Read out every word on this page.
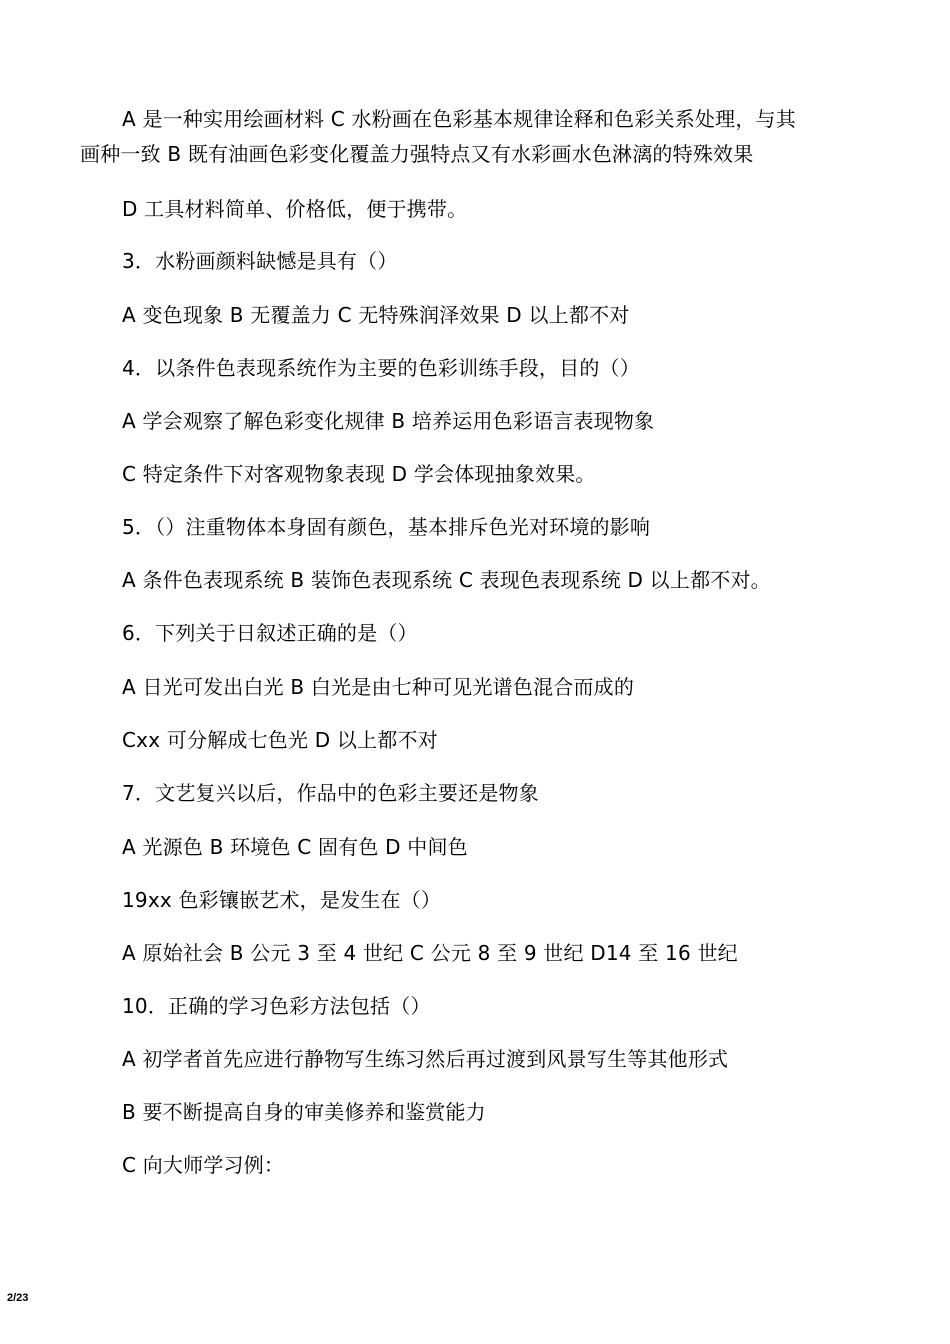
A 是一种实用绘画材料 C 水粉画在色彩基本规律诠释和色彩关系处理，与其
画种一致 B 既有油画色彩变化覆盖力强特点又有水彩画水色淋漓的特殊效果
D 工具材料简单、价格低，便于携带。
3．水粉画颜料缺憾是具有（）
A 变色现象 B 无覆盖力 C 无特殊润泽效果 D 以上都不对
4．以条件色表现系统作为主要的色彩训练手段，目的（）
A 学会观察了解色彩变化规律 B 培养运用色彩语言表现物象
C 特定条件下对客观物象表现 D 学会体现抽象效果。
5．（）注重物体本身固有颜色，基本排斥色光对环境的影响
A 条件色表现系统 B 装饰色表现系统 C 表现色表现系统 D 以上都不对。
6．下列关于日叙述正确的是（）
A 日光可发出白光 B 白光是由七种可见光谱色混合而成的
Cxx 可分解成七色光 D 以上都不对
7．文艺复兴以后，作品中的色彩主要还是物象
A 光源色 B 环境色 C 固有色 D 中间色
19xx 色彩镶嵌艺术，是发生在（）
A 原始社会 B 公元 3 至 4 世纪 C 公元 8 至 9 世纪 D14 至 16 世纪
10．正确的学习色彩方法包括（）
A 初学者首先应进行静物写生练习然后再过渡到风景写生等其他形式
B 要不断提高自身的审美修养和鉴赏能力
C 向大师学习例：
2/23
